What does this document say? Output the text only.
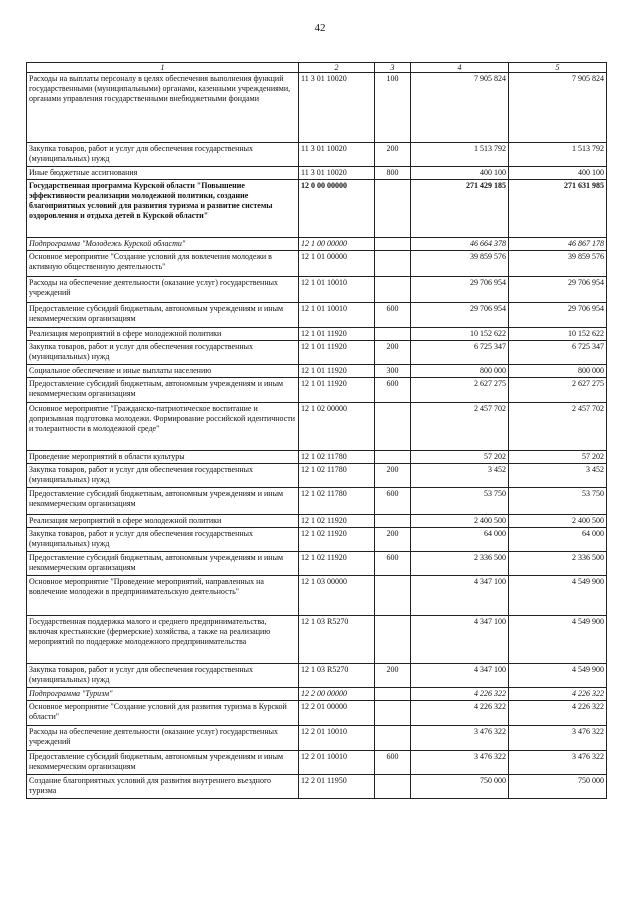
42
1	2	3	4	5
Расходы на выплаты персоналу в целях обеспечения выполнения функций государственными (муниципальными) органами, казенными учреждениями, органами управления государственными внебюджетными фондами	11 3 01 10020	100	7 905 824	7 905 824
Закупка товаров, работ и услуг для обеспечения государственных (муниципальных) нужд	11 3 01 10020	200	1 513 792	1 513 792
Иные бюджетные ассигнования	11 3 01 10020	800	400 100	400 100
Государственная программа Курской области "Повышение эффективности реализации молодежной политики, создание благоприятных условий для развития туризма и развитие системы оздоровления и отдыха детей в Курской области"	12 0 00 00000		271 429 185	271 631 985
Подпрограмма "Молодежь Курской области"	12 1 00 00000		46 664 378	46 867 178
Основное мероприятие "Создание условий для вовлечения молодежи в активную общественную деятельность"	12 1 01 00000		39 859 576	39 859 576
Расходы на обеспечение деятельности (оказание услуг) государственных учреждений	12 1 01 10010		29 706 954	29 706 954
Предоставление субсидий бюджетным, автономным учреждениям и иным некоммерческим организациям	12 1 01 10010	600	29 706 954	29 706 954
Реализация мероприятий в сфере молодежной политики	12 1 01 11920		10 152 622	10 152 622
Закупка товаров, работ и услуг для обеспечения государственных (муниципальных) нужд	12 1 01 11920	200	6 725 347	6 725 347
Социальное обеспечение и иные выплаты населению	12 1 01 11920	300	800 000	800 000
Предоставление субсидий бюджетным, автономным учреждениям и иным некоммерческим организациям	12 1 01 11920	600	2 627 275	2 627 275
Основное мероприятие "Гражданско-патриотическое воспитание и допризывная подготовка молодежи. Формирование российской идентичности и толерантности в молодежной среде"	12 1 02 00000		2 457 702	2 457 702
Проведение мероприятий в области культуры	12 1 02 11780		57 202	57 202
Закупка товаров, работ и услуг для обеспечения государственных (муниципальных) нужд	12 1 02 11780	200	3 452	3 452
Предоставление субсидий бюджетным, автономным учреждениям и иным некоммерческим организациям	12 1 02 11780	600	53 750	53 750
Реализация мероприятий в сфере молодежной политики	12 1 02 11920		2 400 500	2 400 500
Закупка товаров, работ и услуг для обеспечения государственных (муниципальных) нужд	12 1 02 11920	200	64 000	64 000
Предоставление субсидий бюджетным, автономным учреждениям и иным некоммерческим организациям	12 1 02 11920	600	2 336 500	2 336 500
Основное мероприятие "Проведение мероприятий, направленных на вовлечение молодежи в предпринимательскую деятельность"	12 1 03 00000		4 347 100	4 549 900
Государственная поддержка малого и среднего предпринимательства, включая крестьянские (фермерские) хозяйства, а также на реализацию мероприятий по поддержке молодежного предпринимательства	12 1 03 R5270		4 347 100	4 549 900
Закупка товаров, работ и услуг для обеспечения государственных (муниципальных) нужд	12 1 03 R5270	200	4 347 100	4 549 900
Подпрограмма "Туризм"	12 2 00 00000		4 226 322	4 226 322
Основное мероприятие "Создание условий для развития туризма в Курской области"	12 2 01 00000		4 226 322	4 226 322
Расходы на обеспечение деятельности (оказание услуг) государственных учреждений	12 2 01 10010		3 476 322	3 476 322
Предоставление субсидий бюджетным, автономным учреждениям и иным некоммерческим организациям	12 2 01 10010	600	3 476 322	3 476 322
Создание благоприятных условий для развития внутреннего въездного туризма	12 2 01 11950		750 000	750 000
